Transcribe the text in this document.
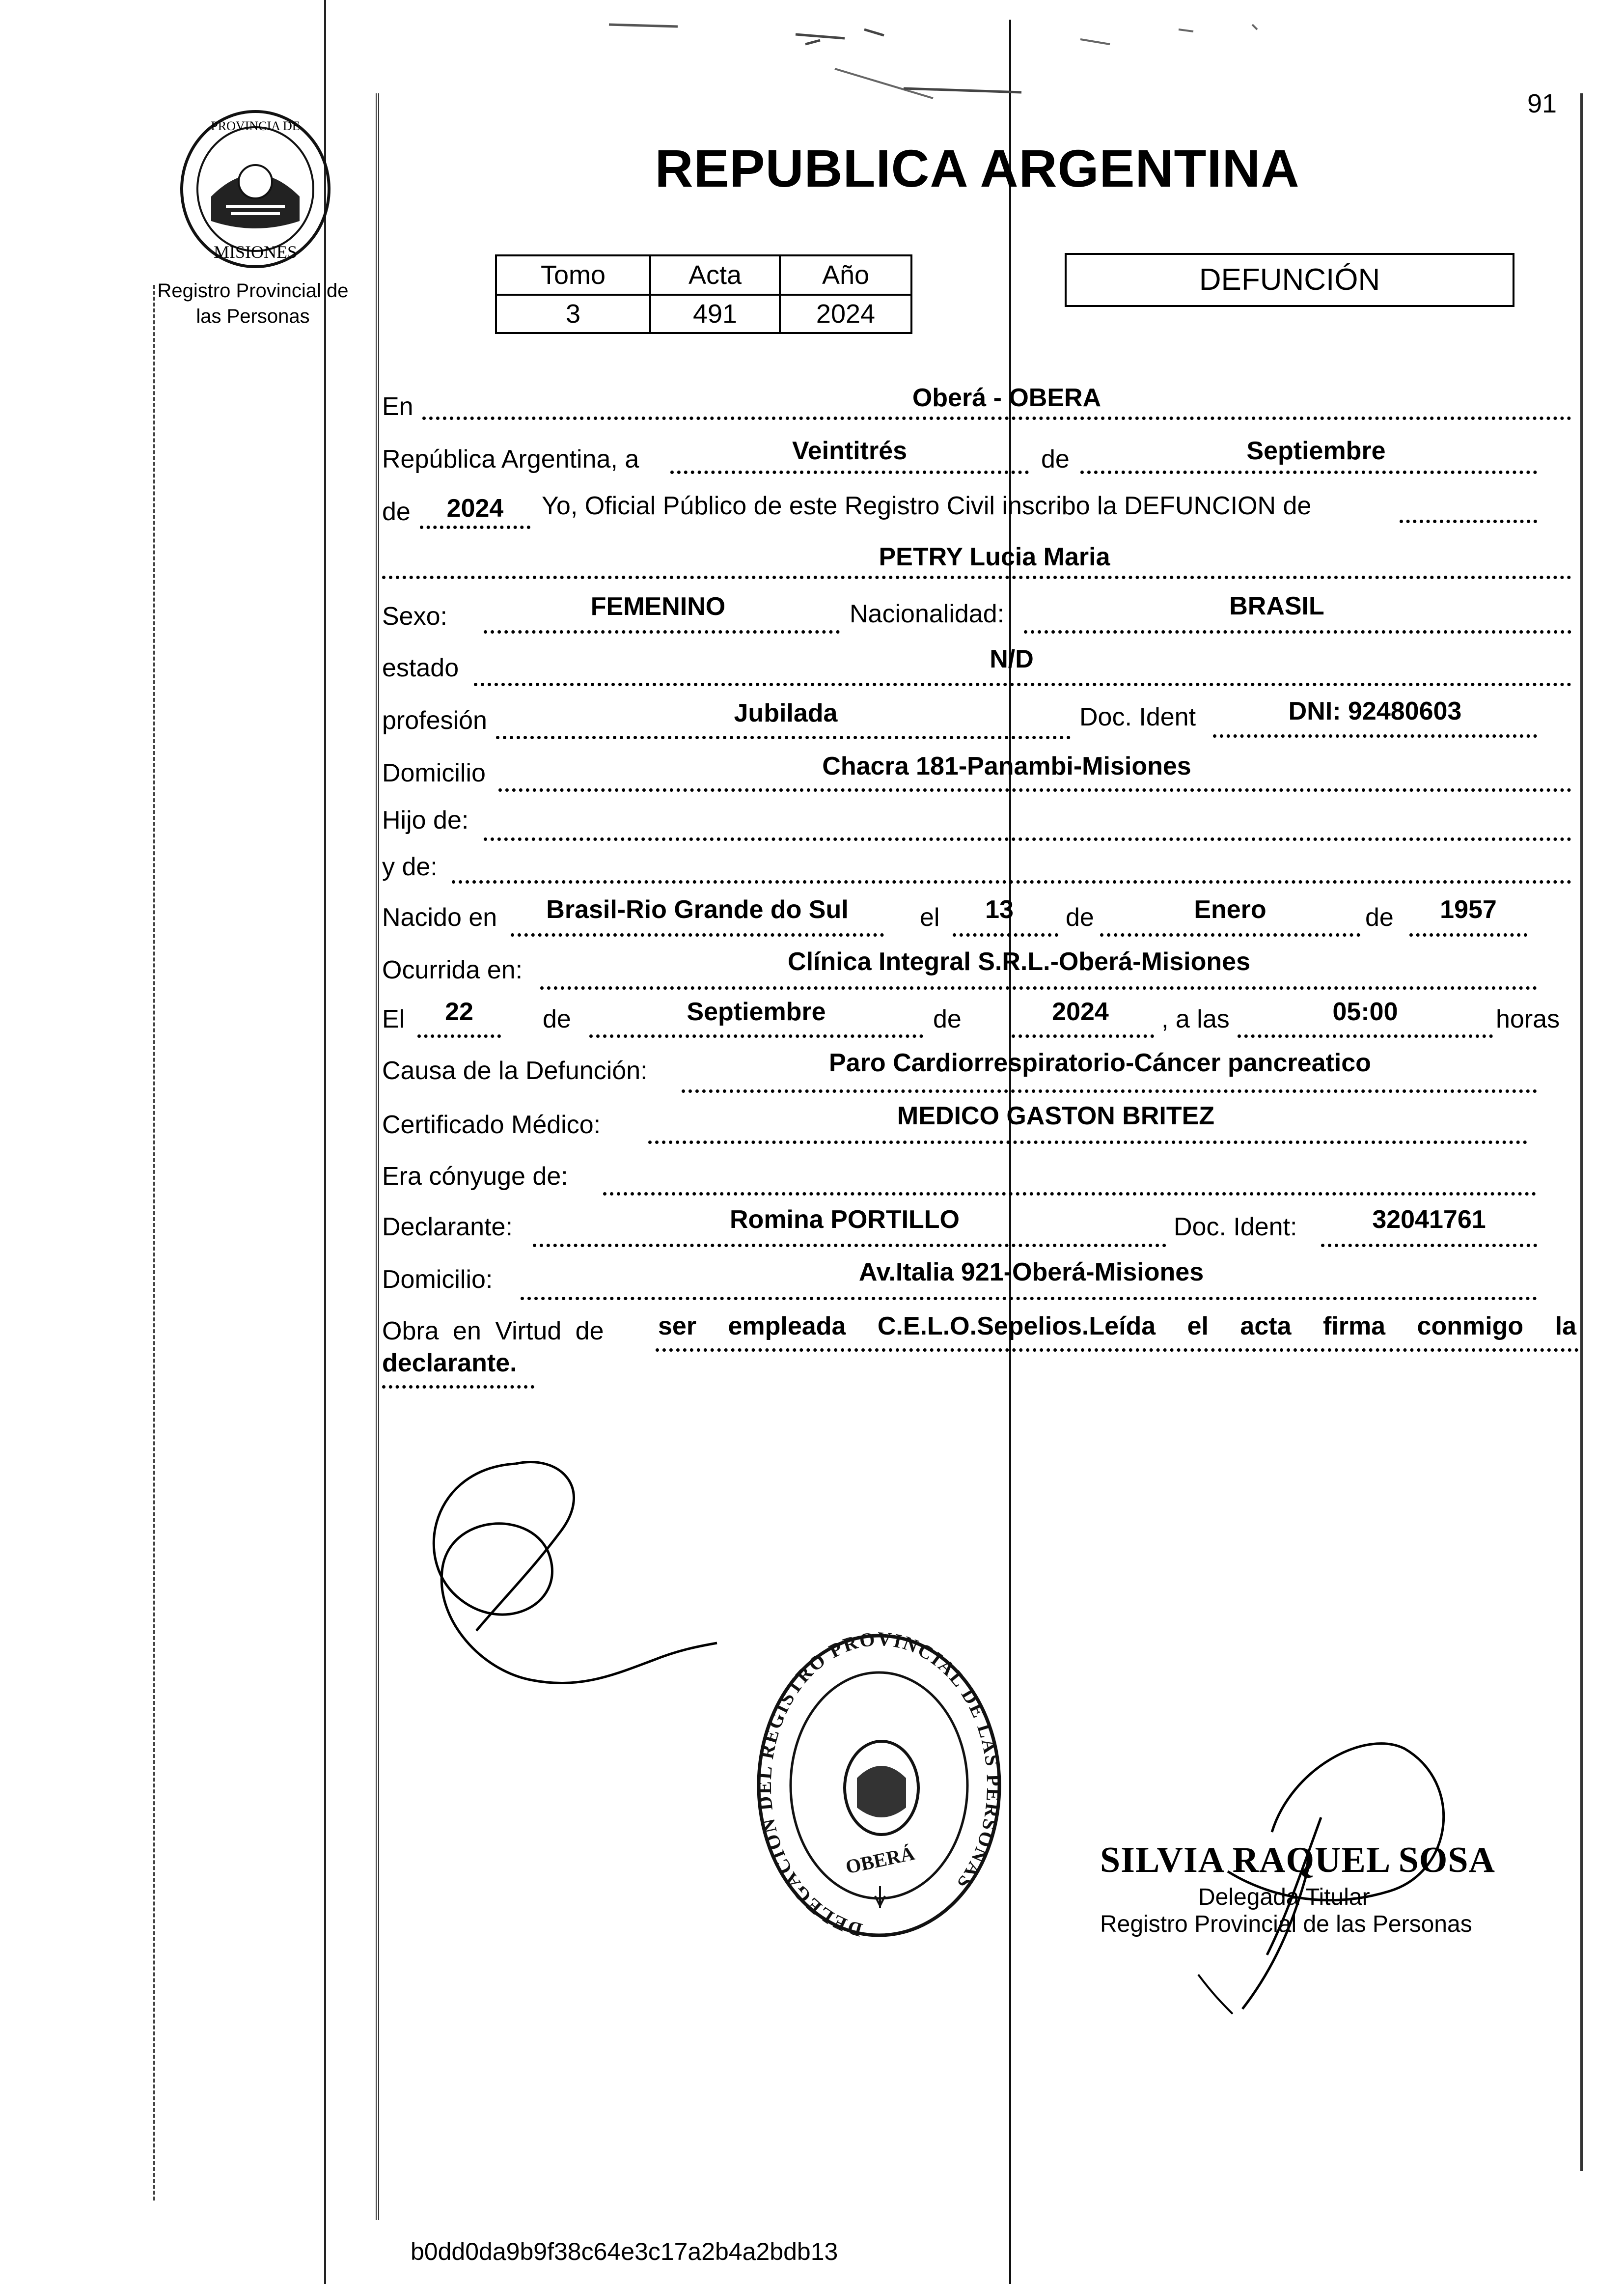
PROVINCIA DE
MISIONES
Registro Provincial de las Personas
91
REPUBLICA ARGENTINA
Tomo	Acta	Año
3	491	2024
DEFUNCIÓN
En	Oberá - OBERA
República Argentina, a	Veintitrés	de	Septiembre
de	2024	Yo, Oficial Público de este Registro Civil inscribo la DEFUNCION de
PETRY Lucia Maria
Sexo:	FEMENINO	Nacionalidad:	BRASIL
estado	N/D
profesión	Jubilada	Doc. Ident	DNI: 92480603
Domicilio	Chacra 181-Panambi-Misiones
Hijo de:
y de:
Nacido en	Brasil-Rio Grande do Sul	el	13	de	Enero	de	1957
Ocurrida en:	Clínica Integral S.R.L.-Oberá-Misiones
El	22	de	Septiembre	de	2024	, a las	05:00	horas
Causa de la Defunción:	Paro Cardiorrespiratorio-Cáncer pancreatico
Certificado Médico:	MEDICO GASTON BRITEZ
Era cónyuge de:
Declarante:	Romina PORTILLO	Doc. Ident:	32041761
Domicilio:	Av.Italia 921-Oberá-Misiones
Obra en Virtud de ser empleada C.E.L.O.Sepelios.Leída el acta firma conmigo la
declarante.
DELEGACION DEL REGISTRO PROVINCIAL DE LAS PERSONAS
OBERÁ	SILVIA RAQUEL SOSA
Delegada Titular
Registro Provincial de las Personas
b0dd0da9b9f38c64e3c17a2b4a2bdb13
